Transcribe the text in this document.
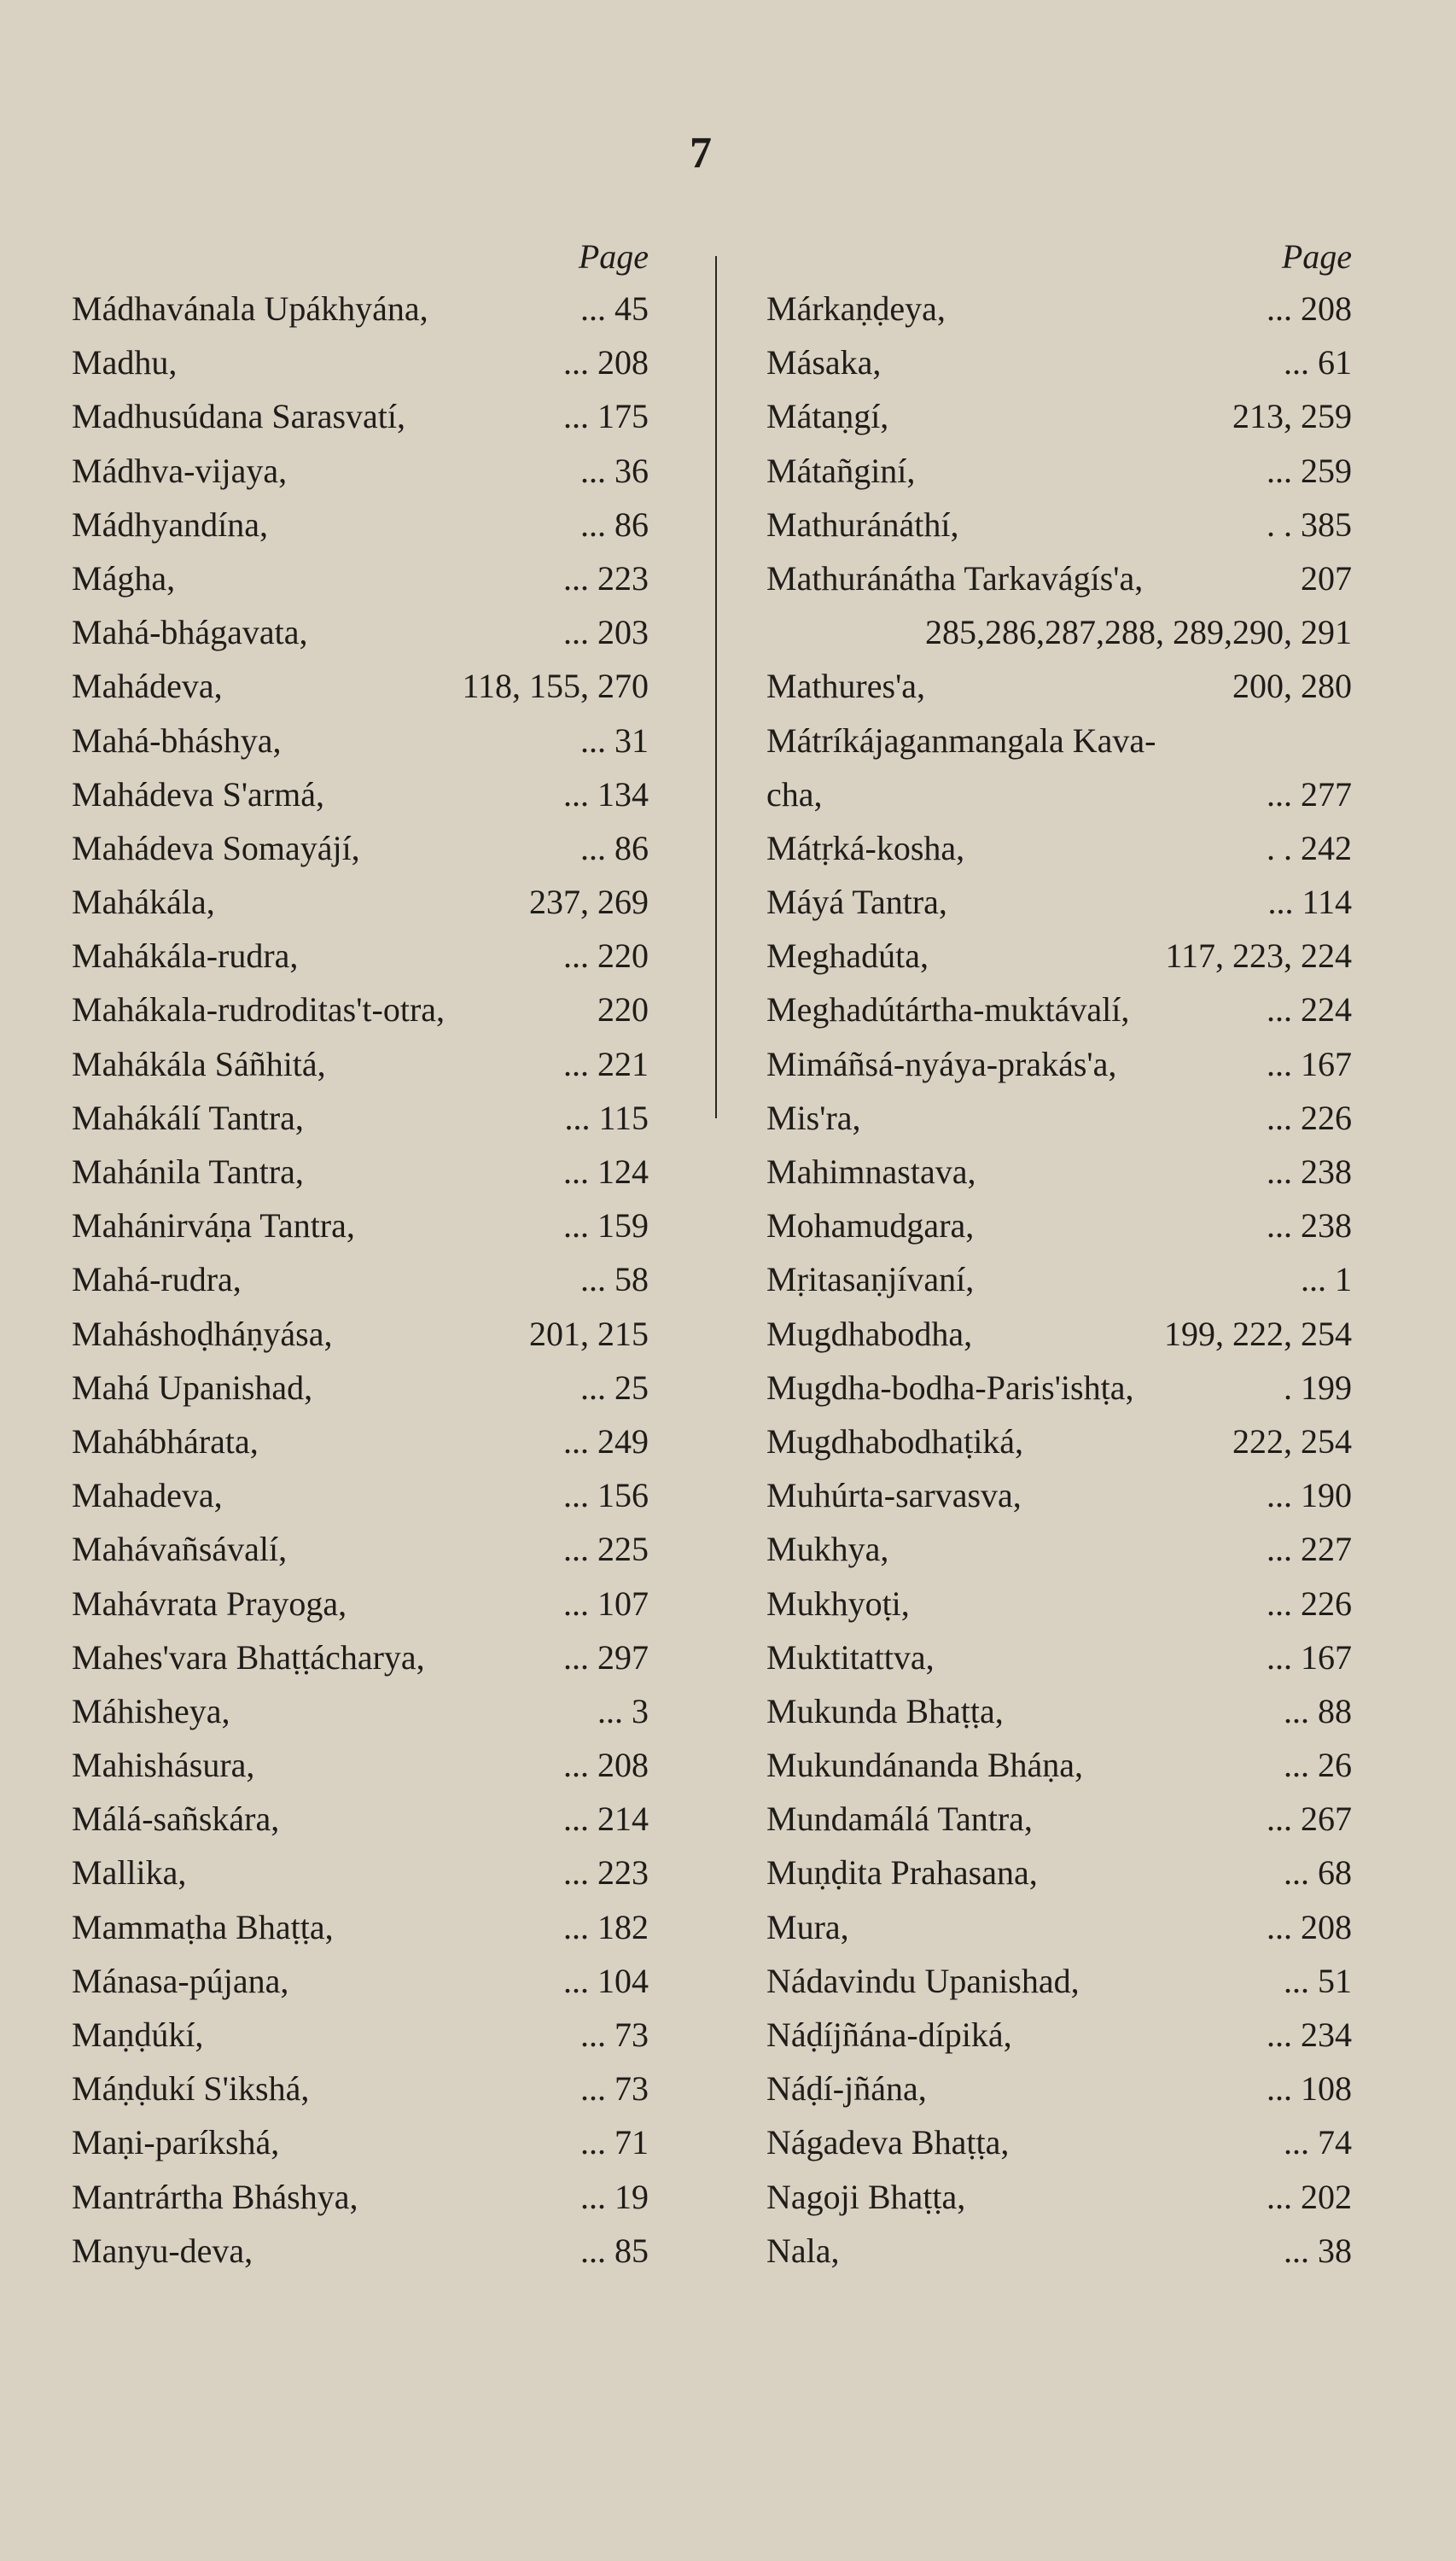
7
Page
Mádhavánala Upákhyána,	... 45
Madhu,	... 208
Madhusúdana Sarasvatí,	... 175
Mádhva-vijaya,	... 36
Mádhyandína,	... 86
Mágha,	... 223
Mahá-bhágavata,	... 203
Mahádeva,	118, 155, 270
Mahá-bháshya,	... 31
Mahádeva S'armá,	... 134
Mahádeva Somayájí,	... 86
Mahákála,	237, 269
Mahákála-rudra,	... 220
Mahákala-rudroditas't-otra,	220
Mahákála Sáñhitá,	... 221
Mahákálí Tantra,	... 115
Mahánila Tantra,	... 124
Mahánirváṇa Tantra,	... 159
Mahá-rudra,	... 58
Maháshoḍháṇyása,	201, 215
Mahá Upanishad,	... 25
Mahábhárata,	... 249
Mahadeva,	... 156
Mahávañsávalí,	... 225
Mahávrata Prayoga,	... 107
Mahes'vara Bhaṭṭácharya,	... 297
Máhisheya,	... 3
Mahishásura,	... 208
Málá-sañskára,	... 214
Mallika,	... 223
Mammaṭha Bhaṭṭa,	... 182
Mánasa-pújana,	... 104
Maṇḍúkí,	... 73
Máṇḍukí S'ikshá,	... 73
Maṇi-paríkshá,	... 71
Mantrártha Bháshya,	... 19
Manyu-deva,	... 85
Page
Márkaṇḍeya,	... 208
Másaka,	... 61
Mátaṇgí,	213, 259
Mátañginí,	... 259
Mathuránáthí,	. . 385
Mathuránátha Tarkavágís'a,	207
285,286,287,288, 289,290, 291
Mathures'a,	200, 280
Mátríkájaganmangala Kava-
cha,	... 277
Mátṛká-kosha,	. . 242
Máyá Tantra,	... 114
Meghadúta,	117, 223, 224
Meghadútártha-muktávalí,	... 224
Mimáñsá-nyáya-prakás'a,	... 167
Mis'ra,	... 226
Mahimnastava,	... 238
Mohamudgara,	... 238
Mṛitasaṇjívaní,	... 1
Mugdhabodha,	199, 222, 254
Mugdha-bodha-Paris'ishṭa,	. 199
Mugdhabodhaṭiká,	222, 254
Muhúrta-sarvasva,	... 190
Mukhya,	... 227
Mukhyoṭi,	... 226
Muktitattva,	... 167
Mukunda Bhaṭṭa,	... 88
Mukundánanda Bháṇa,	... 26
Mundamálá Tantra,	... 267
Muṇḍita Prahasana,	... 68
Mura,	... 208
Nádavindu Upanishad,	... 51
Náḍíjñána-dípiká,	... 234
Náḍí-jñána,	... 108
Nágadeva Bhaṭṭa,	... 74
Nagoji Bhaṭṭa,	... 202
Nala,	... 38
